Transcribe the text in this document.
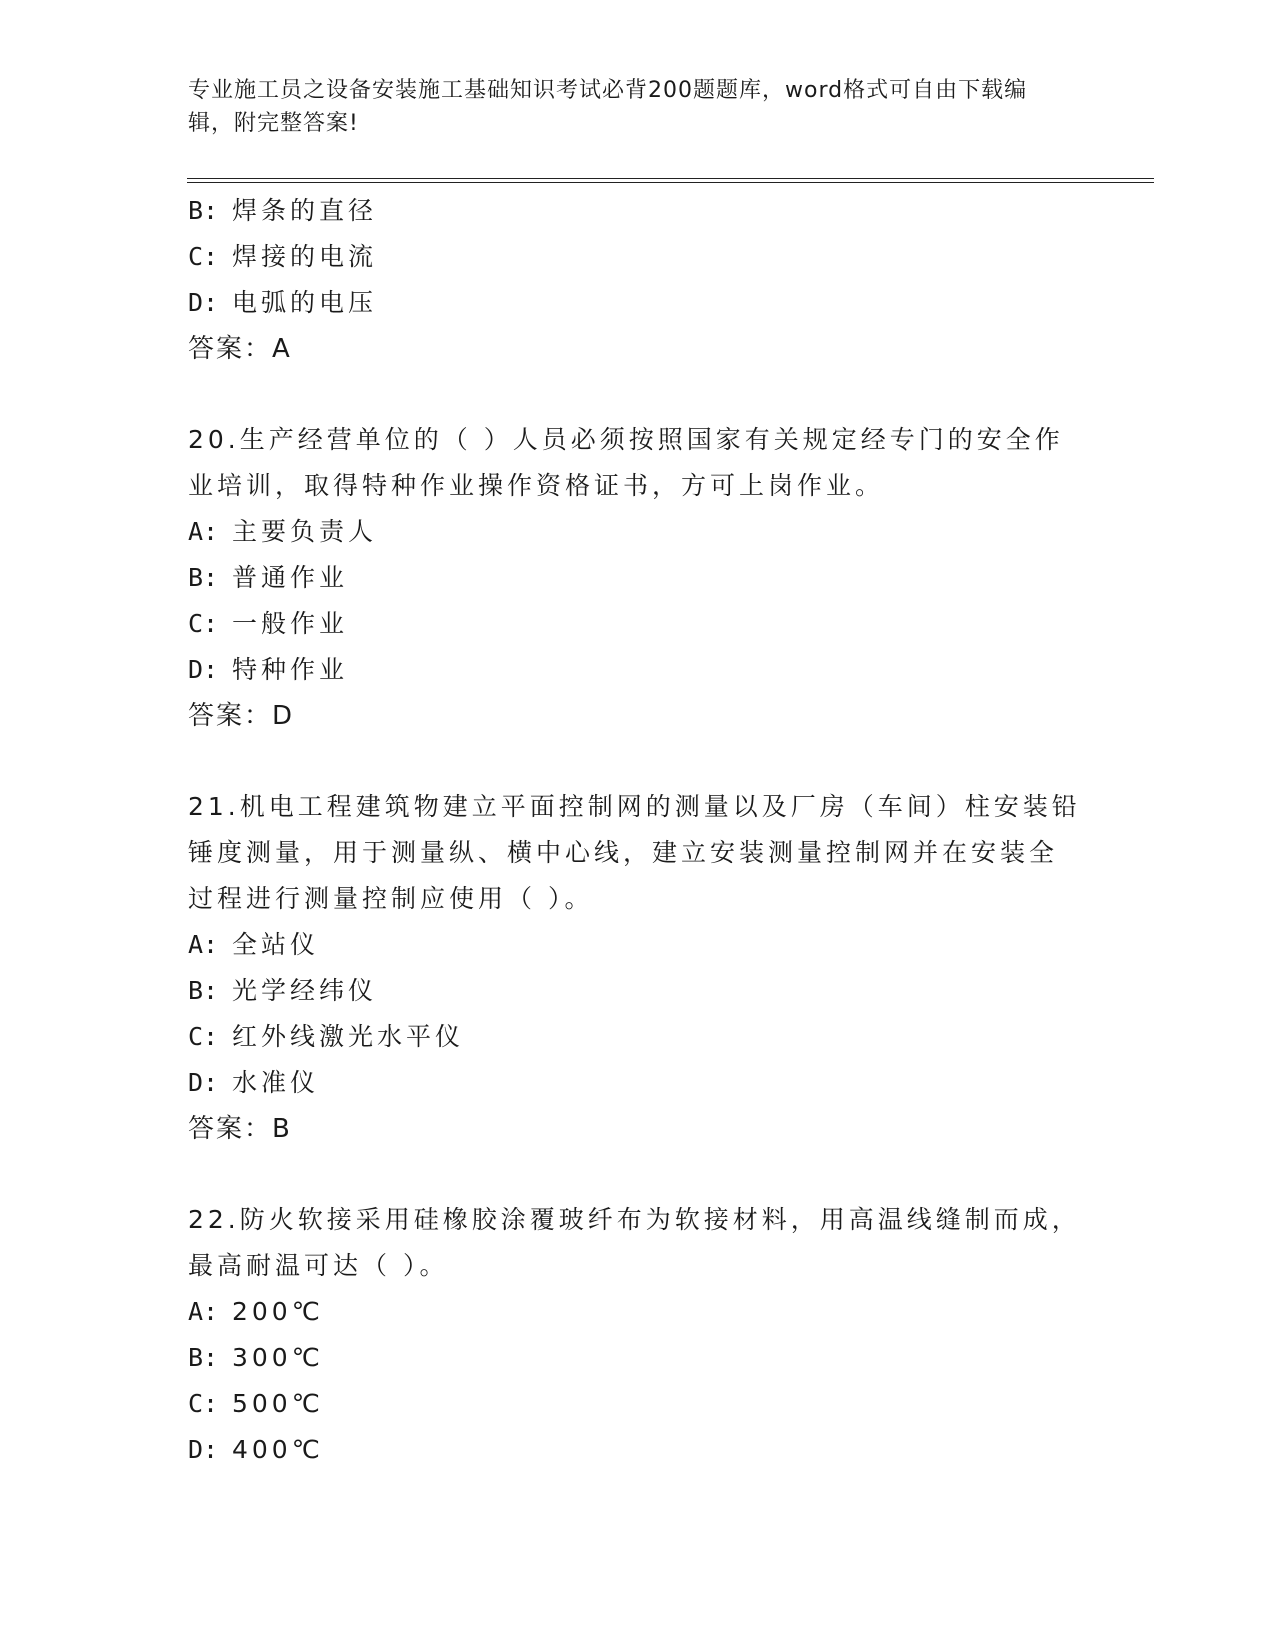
专业施工员之设备安装施工基础知识考试必背200题题库，word格式可自由下载编辑，附完整答案!
B: 焊条的直径
C: 焊接的电流
D: 电弧的电压
答案：A
20.生产经营单位的（ ）人员必须按照国家有关规定经专门的安全作
业培训，取得特种作业操作资格证书，方可上岗作业。
A: 主要负责人
B: 普通作业
C: 一般作业
D: 特种作业
答案：D
21.机电工程建筑物建立平面控制网的测量以及厂房（车间）柱安装铅
锤度测量，用于测量纵、横中心线，建立安装测量控制网并在安装全
过程进行测量控制应使用（ ）。
A: 全站仪
B: 光学经纬仪
C: 红外线激光水平仪
D: 水准仪
答案：B
22.防火软接采用硅橡胶涂覆玻纤布为软接材料，用高温线缝制而成，
最高耐温可达（ ）。
A: 200℃
B: 300℃
C: 500℃
D: 400℃
